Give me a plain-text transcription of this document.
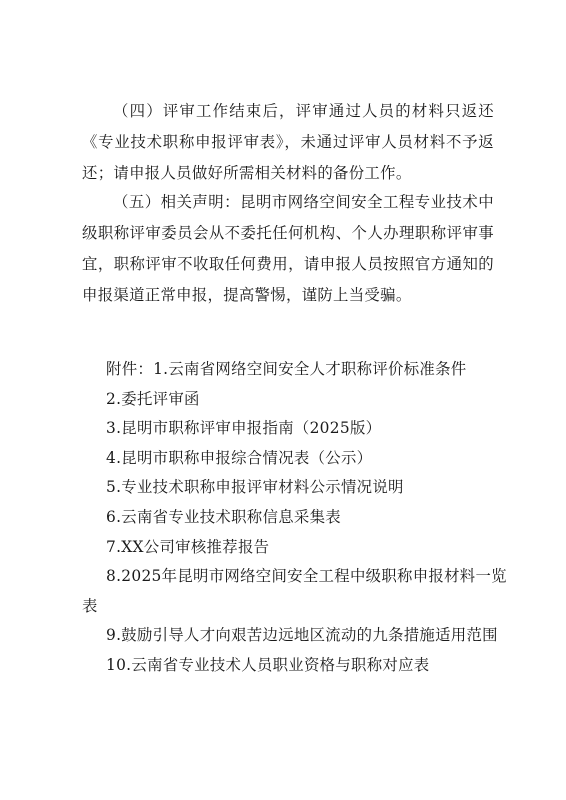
（四）评审工作结束后，评审通过人员的材料只返还《专业技术职称申报评审表》，未通过评审人员材料不予返还；请申报人员做好所需相关材料的备份工作。

（五）相关声明：昆明市网络空间安全工程专业技术中级职称评审委员会从不委托任何机构、个人办理职称评审事宜，职称评审不收取任何费用，请申报人员按照官方通知的申报渠道正常申报，提高警惕，谨防上当受骗。

附件：1.云南省网络空间安全人才职称评价标准条件
2.委托评审函
3.昆明市职称评审申报指南（2025版）
4.昆明市职称申报综合情况表（公示）
5.专业技术职称申报评审材料公示情况说明
6.云南省专业技术职称信息采集表
7.XX公司审核推荐报告
8.2025年昆明市网络空间安全工程中级职称申报材料一览
表
9.鼓励引导人才向艰苦边远地区流动的九条措施适用范围
10.云南省专业技术人员职业资格与职称对应表
